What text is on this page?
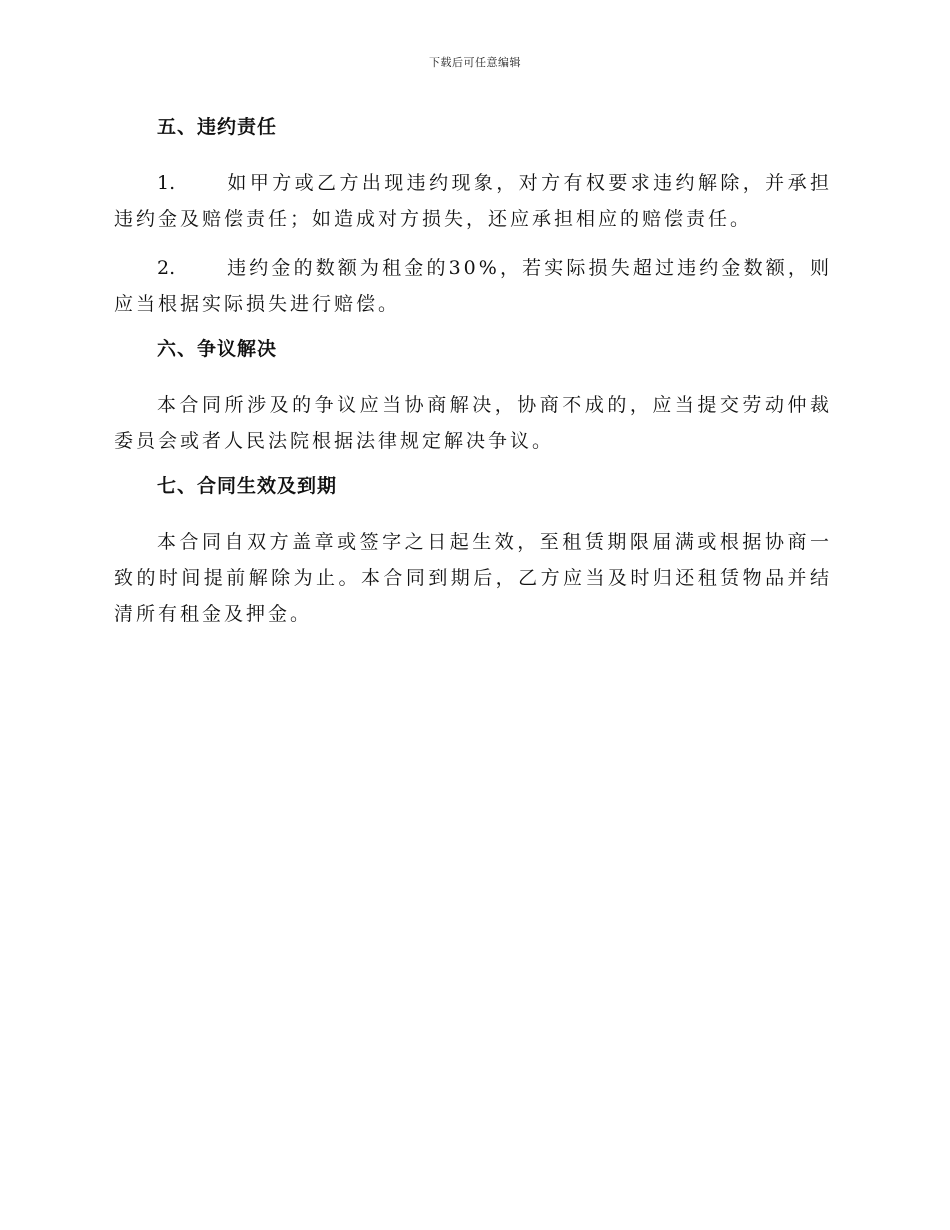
下载后可任意编辑
五、违约责任

1.	如甲方或乙方出现违约现象，对方有权要求违约解除，并承担违约金及赔偿责任；如造成对方损失，还应承担相应的赔偿责任。

2.	违约金的数额为租金的30%，若实际损失超过违约金数额，则应当根据实际损失进行赔偿。

六、争议解决

本合同所涉及的争议应当协商解决，协商不成的，应当提交劳动仲裁委员会或者人民法院根据法律规定解决争议。

七、合同生效及到期

本合同自双方盖章或签字之日起生效，至租赁期限届满或根据协商一致的时间提前解除为止。本合同到期后，乙方应当及时归还租赁物品并结清所有租金及押金。
